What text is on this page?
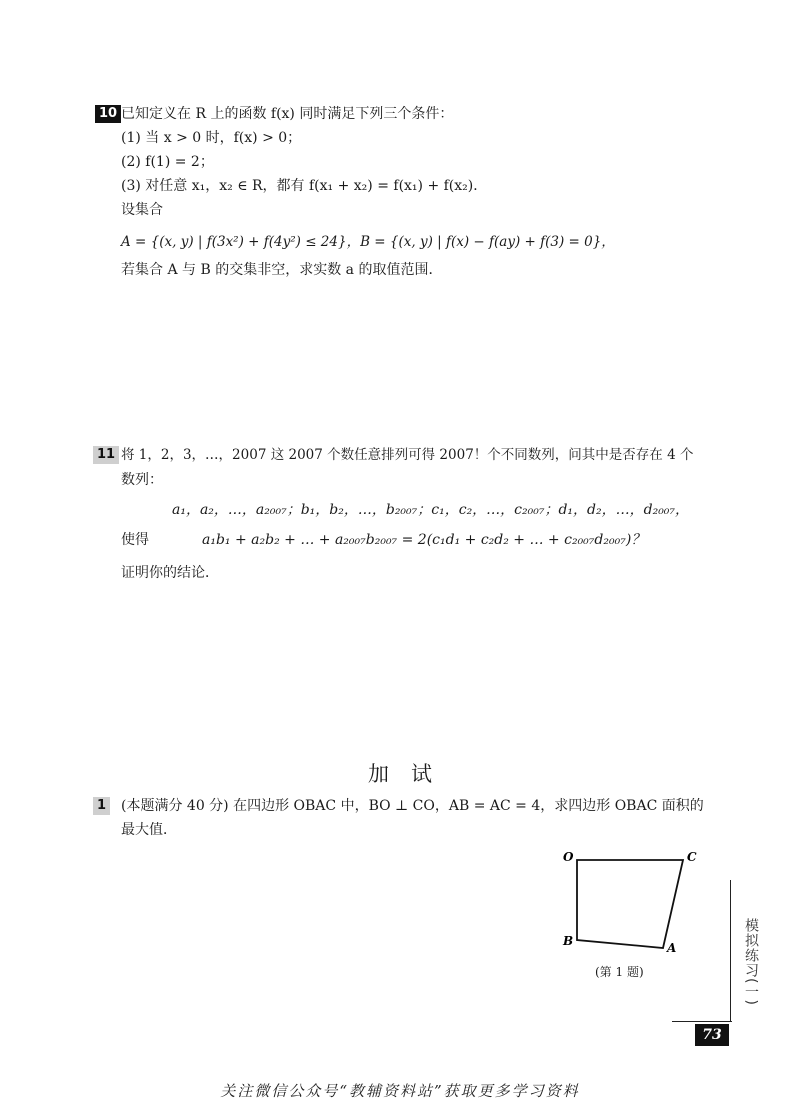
10 已知定义在 R 上的函数 f(x) 同时满足下列三个条件：
(1) 当 x > 0 时，f(x) > 0；
(2) f(1) = 2；
(3) 对任意 x₁，x₂ ∈ R，都有 f(x₁ + x₂) = f(x₁) + f(x₂)．
设集合
A = {(x, y) | f(3x²) + f(4y²) ≤ 24}，B = {(x, y) | f(x) − f(ay) + f(3) = 0}，
若集合 A 与 B 的交集非空，求实数 a 的取值范围．
11 将 1，2，3，…，2007 这 2007 个数任意排列可得 2007！个不同数列，问其中是否存在 4 个
数列：
a₁，a₂，…，a₂₀₀₇；b₁，b₂，…，b₂₀₀₇；c₁，c₂，…，c₂₀₀₇；d₁，d₂，…，d₂₀₀₇，
使得	a₁b₁ + a₂b₂ + … + a₂₀₀₇b₂₀₀₇ = 2(c₁d₁ + c₂d₂ + … + c₂₀₀₇d₂₀₀₇)？
证明你的结论．
加试
1 (本题满分 40 分) 在四边形 OBAC 中，BO ⊥ CO，AB = AC = 4，求四边形 OBAC 面积的
最大值．
O	C
B	A
(第 1 题)	模拟练习(一)
73
关注微信公众号“教辅资料站”获取更多学习资料
